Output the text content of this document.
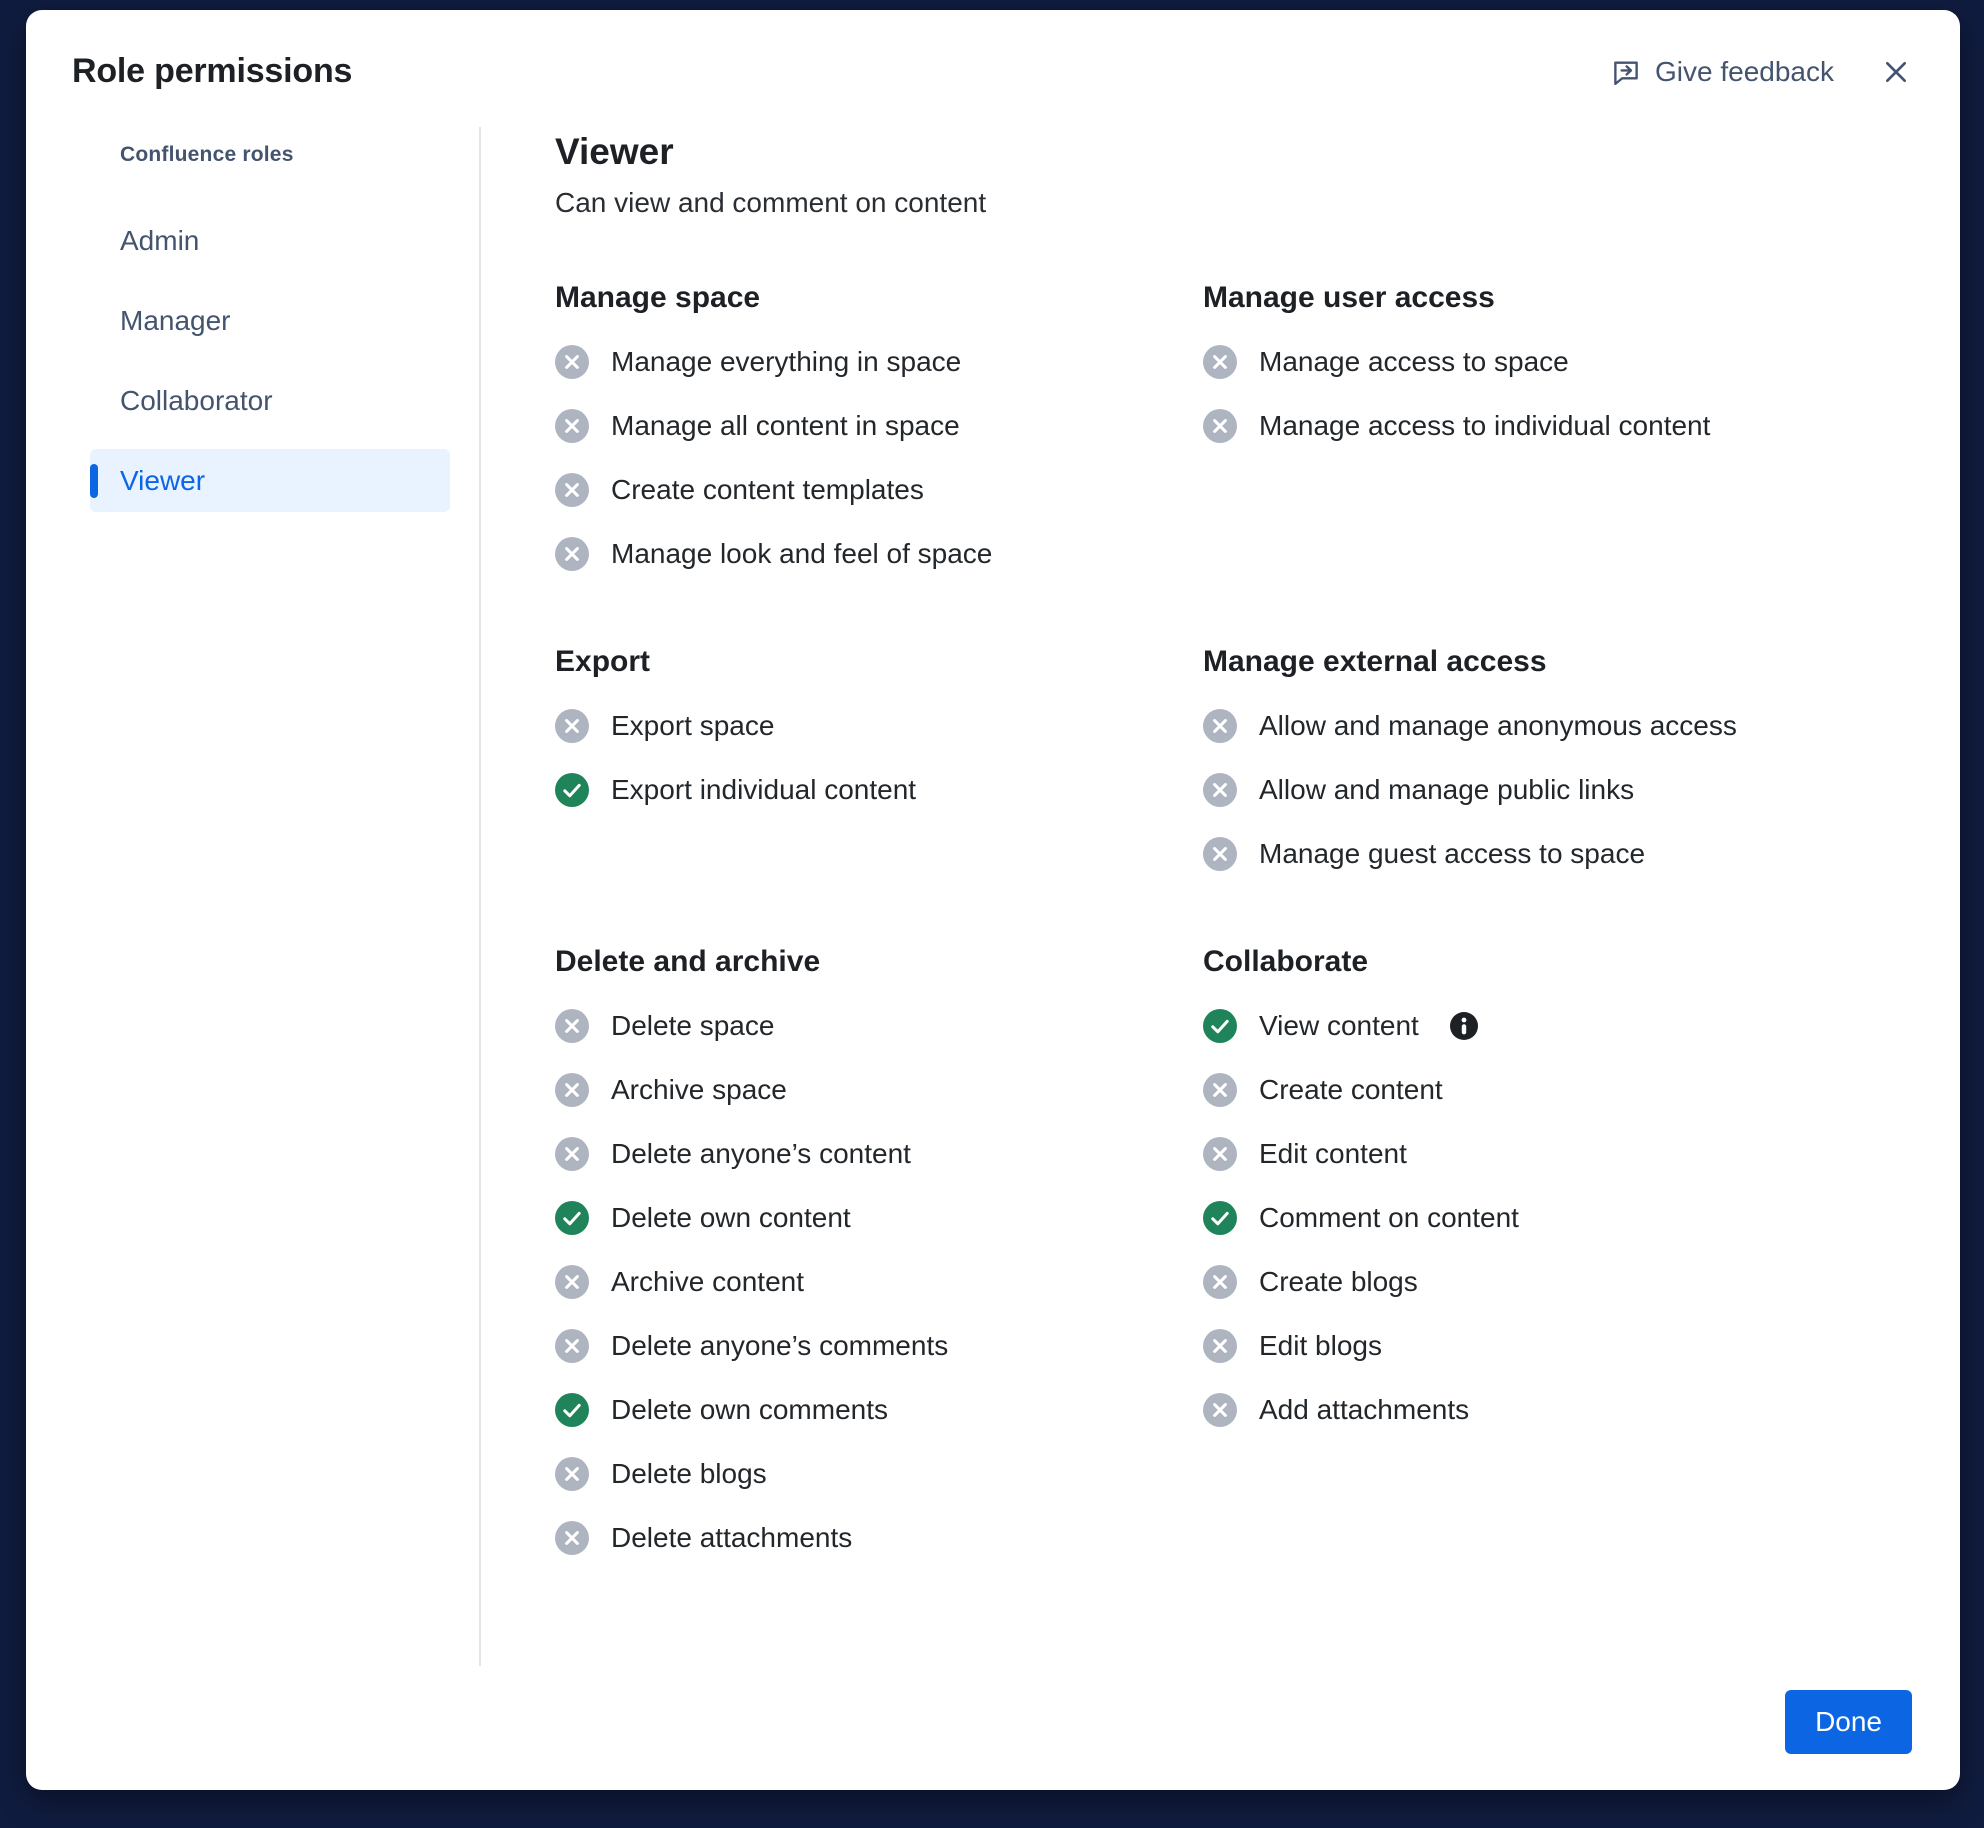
Role permissions	Give feedback
Confluence roles
Admin
Manager
Collaborator
Viewer
Viewer

Can view and comment on content

Manage space
Manage everything in space
Manage all content in space
Create content templates
Manage look and feel of space
Manage user access
Manage access to space
Manage access to individual content
Export
Export space
Export individual content
Manage external access
Allow and manage anonymous access
Allow and manage public links
Manage guest access to space
Delete and archive
Delete space
Archive space
Delete anyone’s content
Delete own content
Archive content
Delete anyone’s comments
Delete own comments
Delete blogs
Delete attachments
Collaborate
View content
Create content
Edit content
Comment on content
Create blogs
Edit blogs
Add attachments
Done
